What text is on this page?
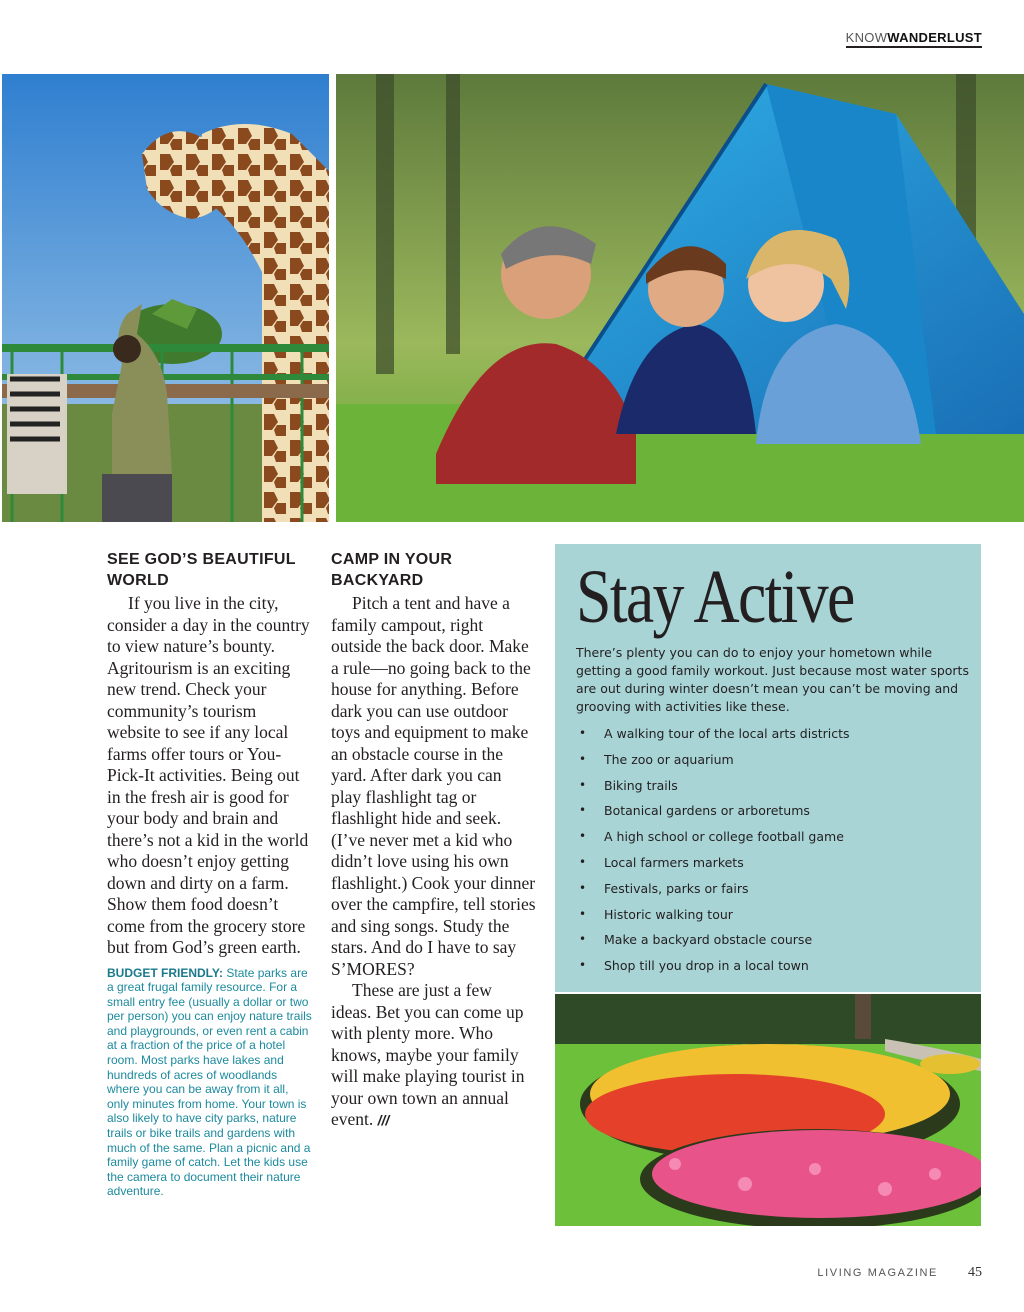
KNOWWANDERLUST
SEE GOD’S BEAUTIFUL WORLD

If you live in the city, consider a day in the country to view nature’s bounty. Agritourism is an exciting new trend. Check your community’s tourism website to see if any local farms offer tours or You-Pick-It activities. Being out in the fresh air is good for your body and brain and there’s not a kid in the world who doesn’t enjoy getting down and dirty on a farm. Show them food doesn’t come from the grocery store but from God’s green earth.

BUDGET FRIENDLY: State parks are a great frugal family resource. For a small entry fee (usually a dollar or two per person) you can enjoy nature trails and playgrounds, or even rent a cabin at a fraction of the price of a hotel room. Most parks have lakes and hundreds of acres of woodlands where you can be away from it all, only minutes from home. Your town is also likely to have city parks, nature trails or bike trails and gardens with much of the same. Plan a picnic and a family game of catch. Let the kids use the camera to document their nature adventure.
CAMP IN YOUR BACKYARD

Pitch a tent and have a family campout, right outside the back door. Make a rule—no going back to the house for anything. Before dark you can use outdoor toys and equipment to make an obstacle course in the yard. After dark you can play flashlight tag or flashlight hide and seek. (I’ve never met a kid who didn’t love using his own flashlight.) Cook your dinner over the campfire, tell stories and sing songs. Study the stars. And do I have to say S’MORES?

These are just a few ideas. Bet you can come up with plenty more. Who knows, maybe your family will make playing tourist in your own town an annual event. ///

Stay Active
There’s plenty you can do to enjoy your hometown while getting a good family workout. Just because most water sports are out during winter doesn’t mean you can’t be moving and grooving with activities like these.
• A walking tour of the local arts districts
• The zoo or aquarium
• Biking trails
• Botanical gardens or arboretums
• A high school or college football game
• Local farmers markets
• Festivals, parks or fairs
• Historic walking tour
• Make a backyard obstacle course
• Shop till you drop in a local town
LIVING MAGAZINE 45
